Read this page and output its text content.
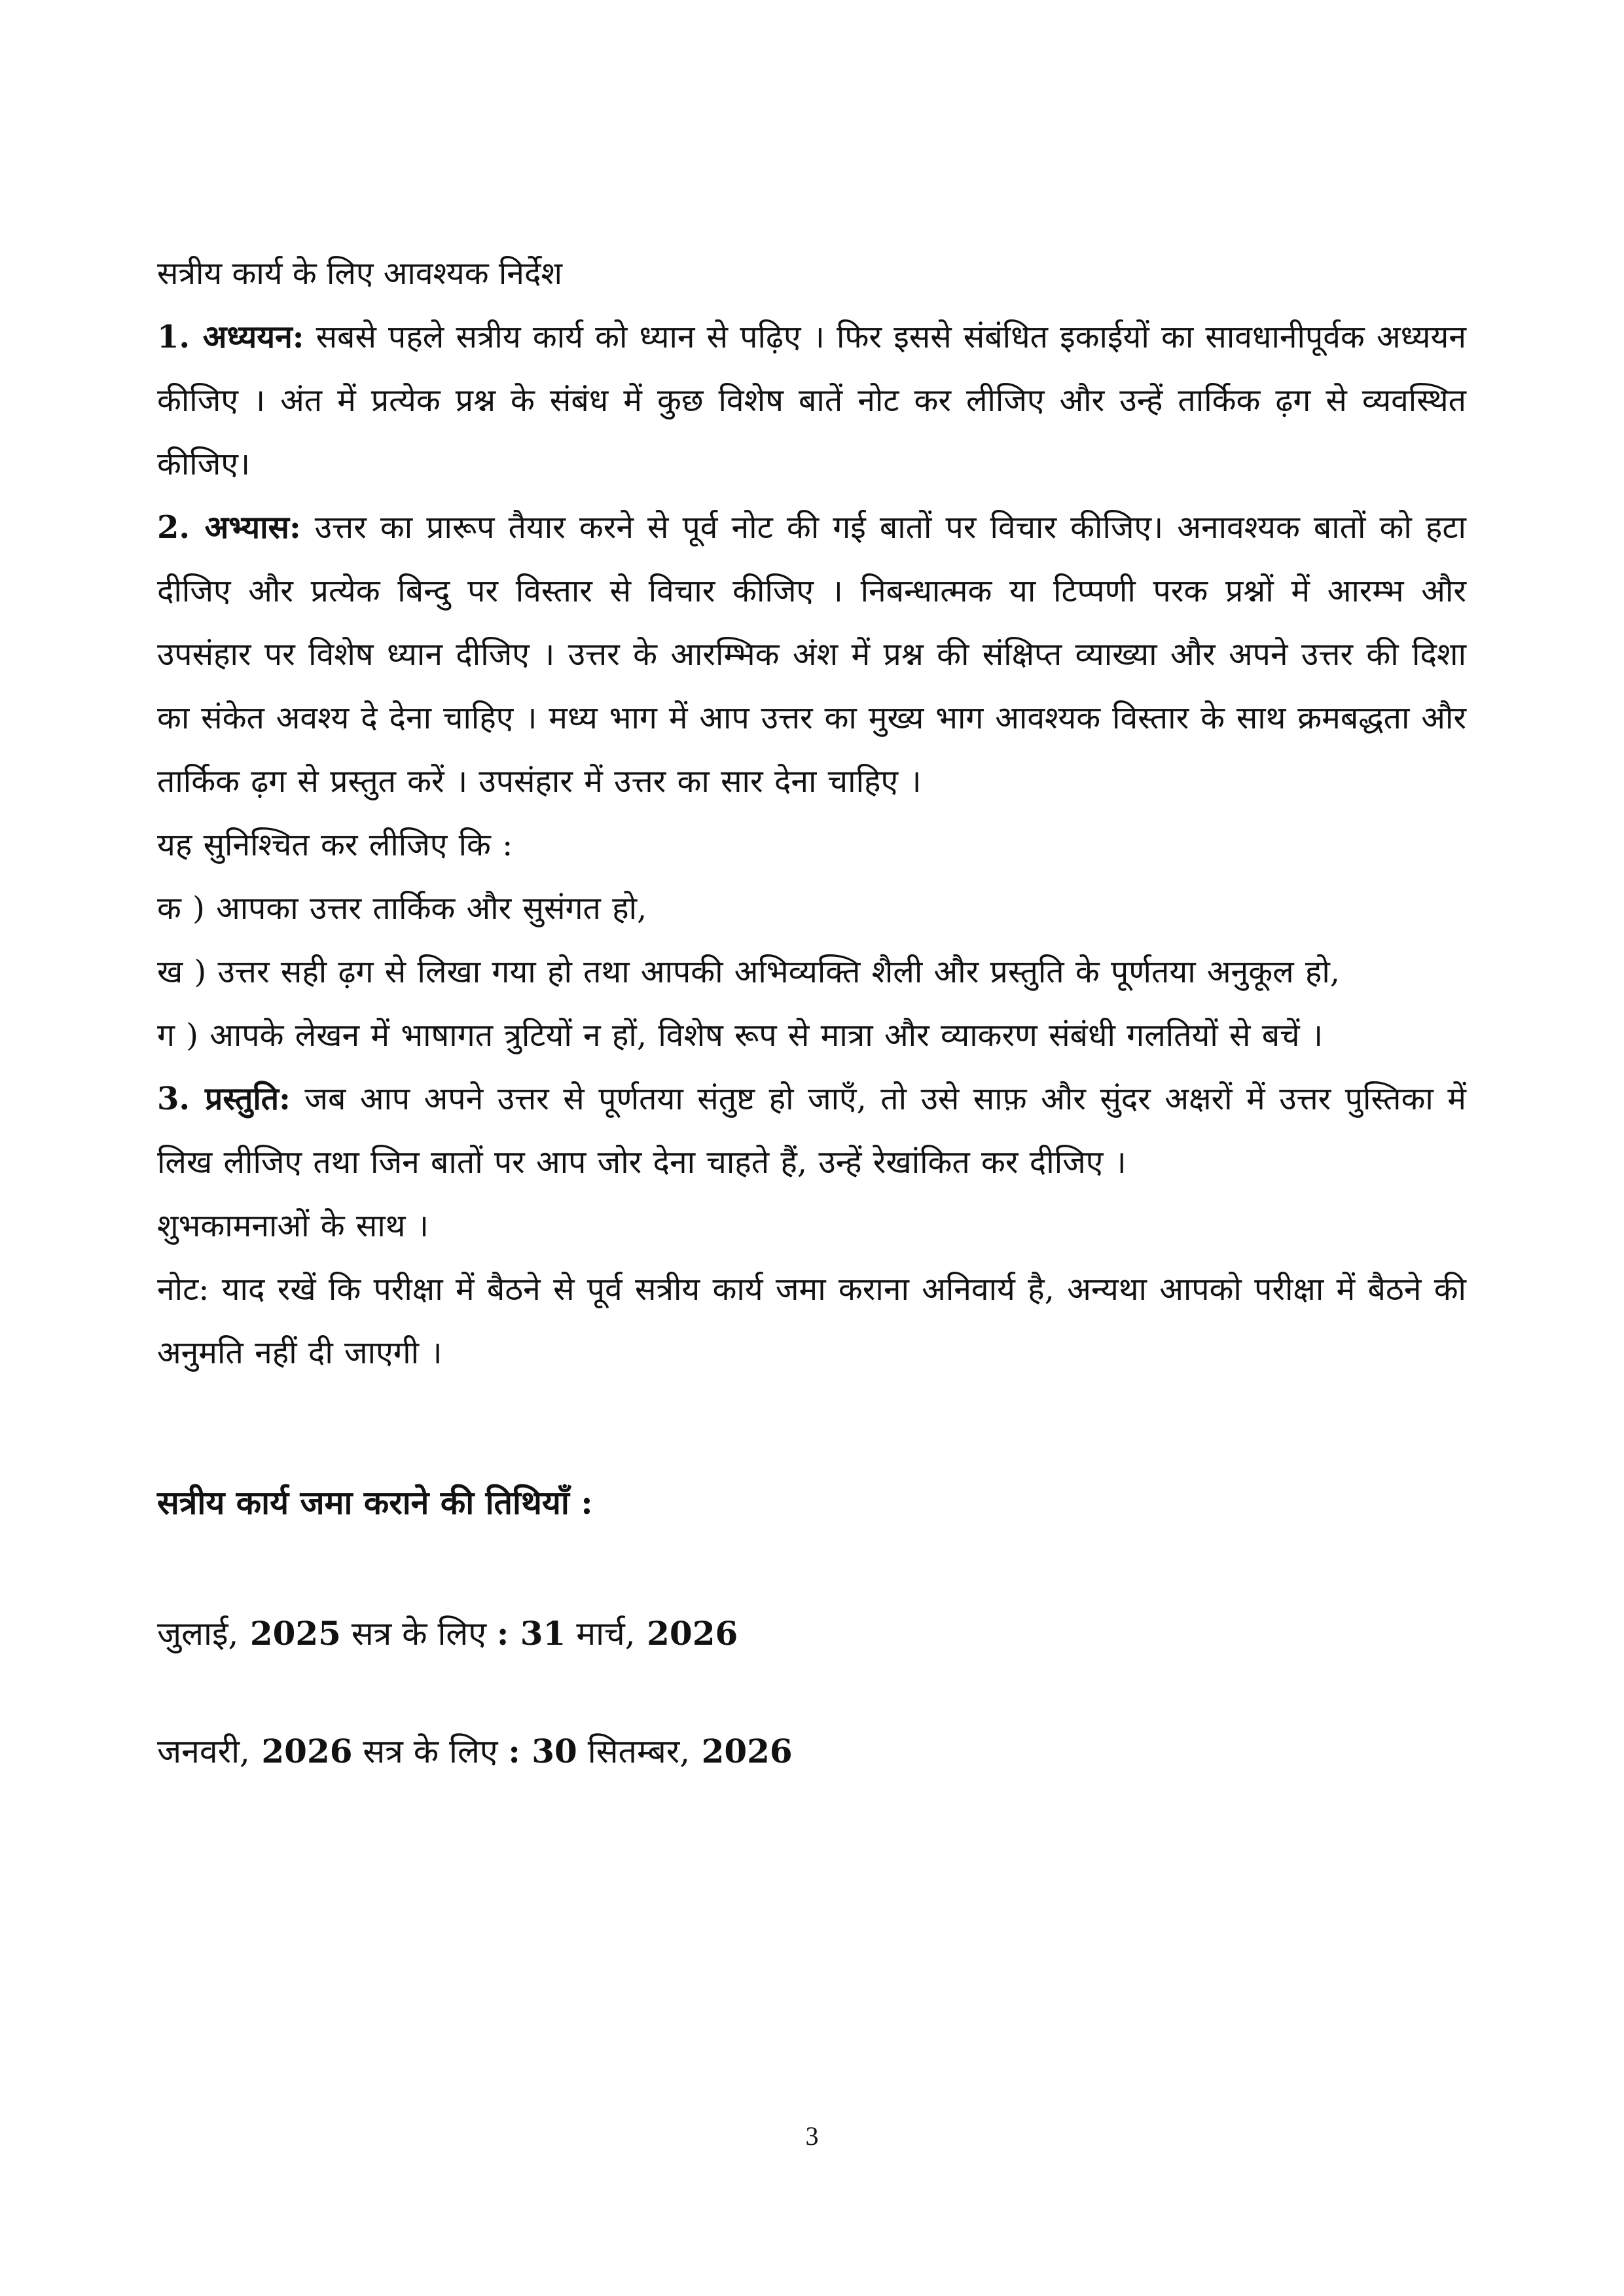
सत्रीय कार्य के लिए आवश्यक निर्देश

1. अध्ययन: सबसे पहले सत्रीय कार्य को ध्यान से पढ़िए । फिर इससे संबंधित इकाईयों का सावधानीपूर्वक अध्ययन कीजिए । अंत में प्रत्येक प्रश्न के संबंध में कुछ विशेष बातें नोट कर लीजिए और उन्हें तार्किक ढ़ग से व्यवस्थित कीजिए।

2. अभ्यास: उत्तर का प्रारूप तैयार करने से पूर्व नोट की गई बातों पर विचार कीजिए। अनावश्यक बातों को हटा दीजिए और प्रत्येक बिन्दु पर विस्तार से विचार कीजिए । निबन्धात्मक या टिप्पणी परक प्रश्नों में आरम्भ और उपसंहार पर विशेष ध्यान दीजिए । उत्तर के आरम्भिक अंश में प्रश्न की संक्षिप्त व्याख्या और अपने उत्तर की दिशा का संकेत अवश्य दे देना चाहिए । मध्य भाग में आप उत्तर का मुख्य भाग आवश्यक विस्तार के साथ क्रमबद्धता और तार्किक ढ़ग से प्रस्तुत करें । उपसंहार में उत्तर का सार देना चाहिए ।

यह सुनिश्चित कर लीजिए कि :

क ) आपका उत्तर तार्किक और सुसंगत हो,

ख ) उत्तर सही ढ़ग से लिखा गया हो तथा आपकी अभिव्यक्ति शैली और प्रस्तुति के पूर्णतया अनुकूल हो,

ग ) आपके लेखन में भाषागत त्रुटियों न हों, विशेष रूप से मात्रा और व्याकरण संबंधी गलतियों से बचें ।

3. प्रस्तुति: जब आप अपने उत्तर से पूर्णतया संतुष्ट हो जाएँ, तो उसे साफ़ और सुंदर अक्षरों में उत्तर पुस्तिका में लिख लीजिए तथा जिन बातों पर आप जोर देना चाहते हैं, उन्हें रेखांकित कर दीजिए ।

शुभकामनाओं के साथ ।

नोट: याद रखें कि परीक्षा में बैठने से पूर्व सत्रीय कार्य जमा कराना अनिवार्य है, अन्यथा आपको परीक्षा में बैठने की अनुमति नहीं दी जाएगी ।

सत्रीय कार्य जमा कराने की तिथियाँ :

जुलाई, 2025 सत्र के लिए : 31 मार्च, 2026

जनवरी, 2026 सत्र के लिए : 30 सितम्बर, 2026

3
